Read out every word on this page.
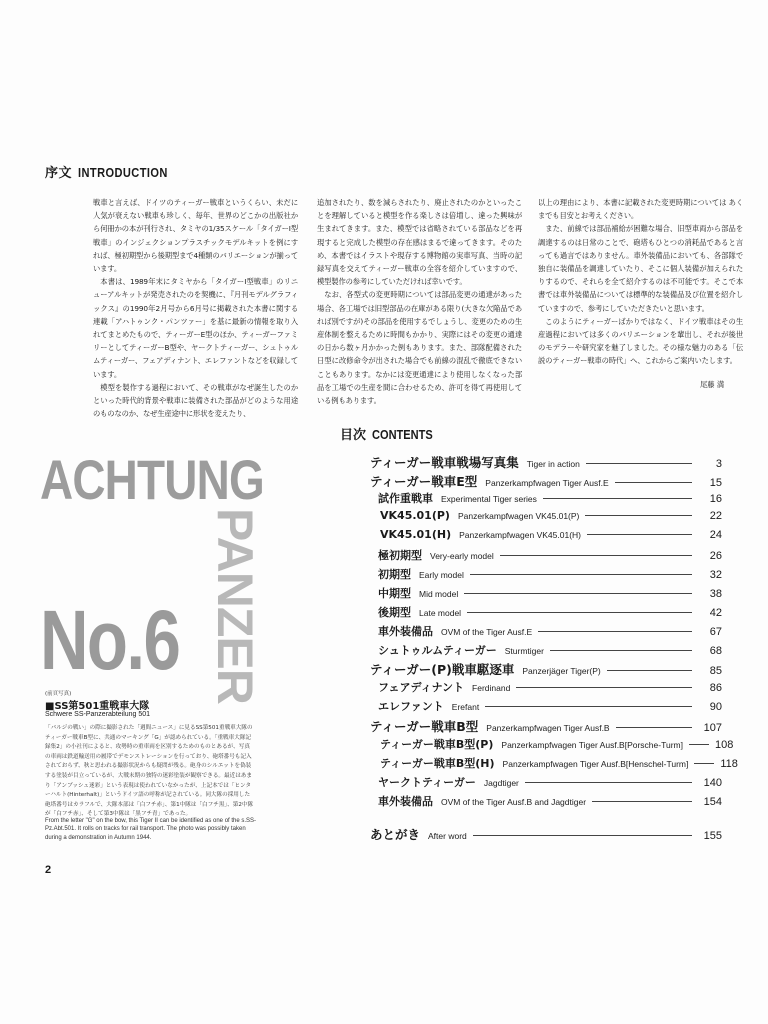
序文 INTRODUCTION

戦車と言えば、ドイツのティーガー戦車というくらい、未だに人気が衰えない戦車も珍しく、毎年、世界のどこかの出版社から何冊かの本が刊行され、タミヤの1/35スケール「タイガーI型戦車」のインジェクションプラスチックモデルキットを例にすれば、極初期型から後期型まで4種類のバリエーションが揃っています。

本書は、1989年末にタミヤから「タイガーI型戦車」のリニューアルキットが発売されたのを契機に、『月刊モデルグラフィックス』の1990年2月号から6月号に掲載された本書に関する連載「アハトゥンク・パンツァー」を基に最新の情報を取り入れてまとめたもので、ティーガーE型のほか、ティーガーファミリーとしてティーガーB型や、ヤークトティーガー、シュトゥルムティーガー、フェアディナント、エレファントなどを収録しています。

模型を製作する過程において、その戦車がなぜ誕生したのかといった時代的背景や戦車に装備された部品がどのような用途のものなのか、なぜ生産途中に形状を変えたり、

追加されたり、数を減らされたり、廃止されたのかといったことを理解していると模型を作る楽しさは倍増し、違った興味が生まれてきます。また、模型では省略されている部品などを再現すると完成した模型の存在感はまるで違ってきます。そのため、本書ではイラストや現存する博物館の実車写真、当時の記録写真を交えてティーガー戦車の全容を紹介していますので、模型製作の参考にしていただければ幸いです。

なお、各型式の変更時期については部品変更の通達があった場合、各工場では旧型部品の在庫がある限り(大きな欠陥品であれば別ですが)その部品を使用するでしょうし、変更のための生産体制を整えるために時間もかかり、実際にはその変更の通達の日から数ヶ月かかった例もあります。また、部隊配備された日型に改修命令が出された場合でも前線の混乱で徹底できないこともあります。なかには変更通達により使用しなくなった部品を工場での生産を間に合わせるため、許可を得て再使用している例もあります。

以上の理由により、本書に記載された変更時期については あくまでも目安とお考えください。

また、前線では部品補給が困難な場合、旧型車両から部品を調達するのは日常のことで、砲塔もひとつの消耗品であると言っても過言ではありません。車外装備品においても、各部隊で独自に装備品を調達していたり、そこに個人装備が加えられたりするので、それらを全て紹介するのは不可能です。そこで本書では車外装備品については標準的な装備品及び位置を紹介していますので、参考にしていただきたいと思います。

このようにティーガーばかりではなく、ドイツ戦車はその生産過程においては多くのバリエーションを輩出し、それが後世のモデラーや研究家を魅了しました。その様な魅力のある「伝説のティーガー戦車の時代」へ、これからご案内いたします。

尾藤 満
目次 CONTENTS
ティーガー戦車戦場写真集 Tiger in action	3
ティーガー戦車E型 Panzerkampfwagen Tiger Ausf.E	15
試作重戦車 Experimental Tiger series	16
VK45.01(P) Panzerkampfwagen VK45.01(P)	22
VK45.01(H) Panzerkampfwagen VK45.01(H)	24
極初期型 Very-early model	26
初期型 Early model	32
中期型 Mid model	38
後期型 Late model	42
車外装備品 OVM of the Tiger Ausf.E	67
シュトゥルムティーガー Sturmtiger	68
ティーガー(P)戦車駆逐車 Panzerjäger Tiger(P)	85
フェアディナント Ferdinand	86
エレファント Erefant	90
ティーガー戦車B型 Panzerkampfwagen Tiger Ausf.B	107
ティーガー戦車B型(P) Panzerkampfwagen Tiger Ausf.B[Porsche-Turm]	108
ティーガー戦車B型(H) Panzerkampfwagen Tiger Ausf.B[Henschel-Turm]	118
ヤークトティーガー Jagdtiger	140
車外装備品 OVM of the Tiger Ausf.B and Jagdtiger	154
あとがき After word	155
ACHTUNG
PANZER
No.6
(前頁写真)
■SS第501重戦車大隊
Schwere SS-Panzerabteilung 501
「バルジの戦い」の際に撮影された「週間ニュース」に見るSS第501重戦車大隊のティーガー戦車B型に、共通のマーキング「G」が認められている。「重戦車大隊記録集2」の小社刊によると、攻勢時の重車両を区別するためのものとあるが、写真の車両は鉄道輸送用の履帯でデモンストレーションを行っており、砲塔番号も記入されておらず、秋と思われる撮影状況からも疑問が残る。砲身のシルエットを偽装する塗装が目立っているが、大戦末期の独特の迷彩塗装が観察できる。最近はあまり「アンブッシュ迷彩」という表現は使われていなかったが、上記本では「ヒンターハルト(Hinterhalt)」というドイツ語の呼称が記されている。同大隊の採用した砲塔番号はカラフルで、大隊本部は「白フチ赤」、第1中隊は「白フチ黒」、第2中隊が「白フチ赤」、そして第3中隊は「黒フチ青」であった。
From the letter "G" on the bow, this Tiger II can be identified as one of the s.SS-Pz.Abt.501. It rolls on tracks for rail transport. The photo was possibly taken during a demonstration in Autumn 1944.
2
